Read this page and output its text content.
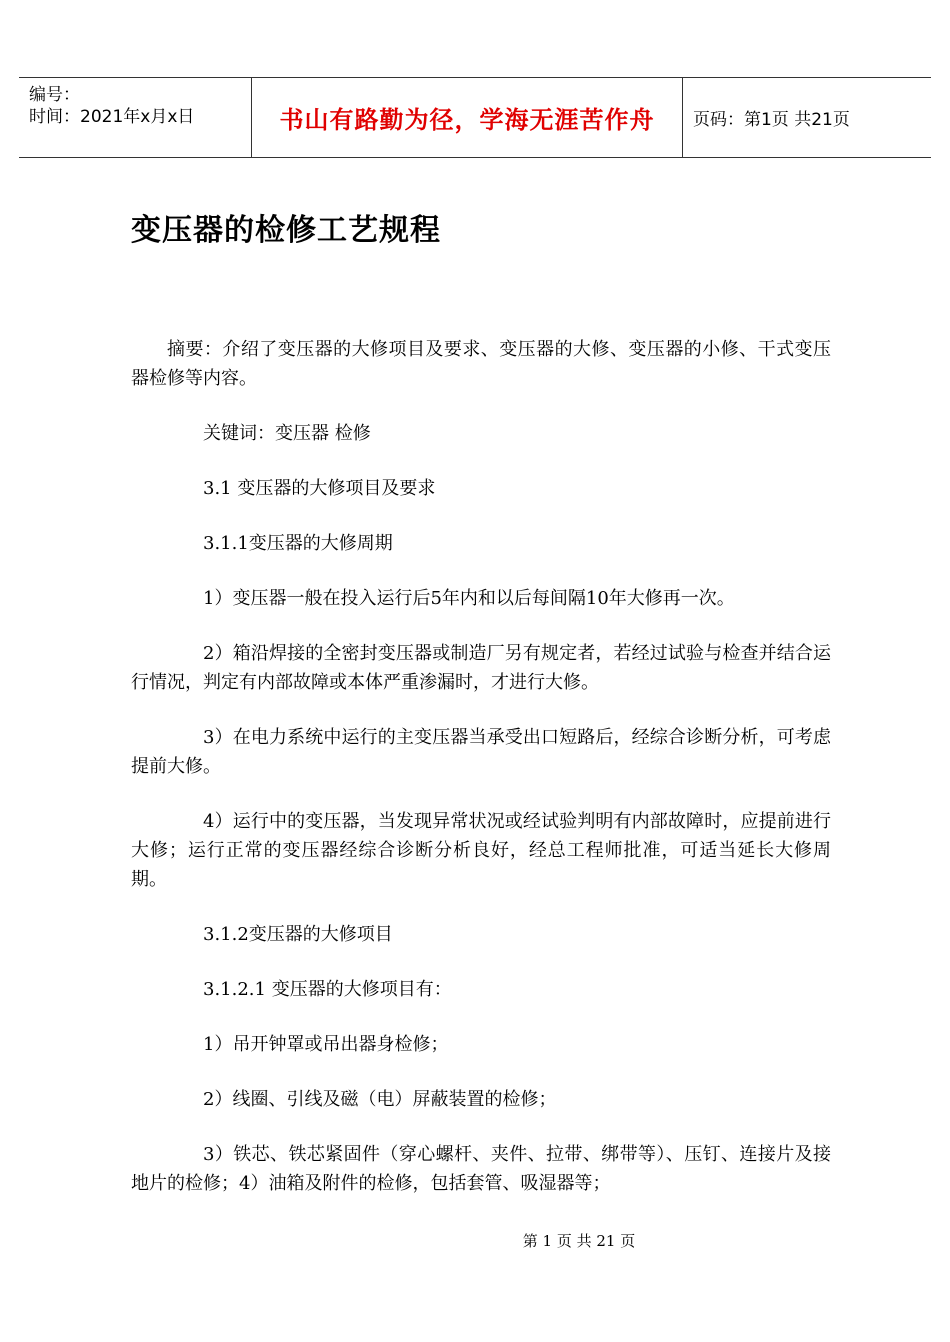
编号：
时间：2021年x月x日	书山有路勤为径，学海无涯苦作舟 页码：第1页 共21页
变压器的检修工艺规程

摘要：介绍了变压器的大修项目及要求、变压器的大修、变压器的小修、干式变压器检修等内容。

关键词：变压器 检修

3.1 变压器的大修项目及要求

3.1.1变压器的大修周期

1）变压器一般在投入运行后5年内和以后每间隔10年大修再一次。

2）箱沿焊接的全密封变压器或制造厂另有规定者，若经过试验与检查并结合运行情况，判定有内部故障或本体严重渗漏时，才进行大修。

3）在电力系统中运行的主变压器当承受出口短路后，经综合诊断分析，可考虑提前大修。

4）运行中的变压器，当发现异常状况或经试验判明有内部故障时，应提前进行大修；运行正常的变压器经综合诊断分析良好，经总工程师批准，可适当延长大修周期。

3.1.2变压器的大修项目

3.1.2.1 变压器的大修项目有：

1）吊开钟罩或吊出器身检修；

2）线圈、引线及磁（电）屏蔽装置的检修；

3）铁芯、铁芯紧固件（穿心螺杆、夹件、拉带、绑带等）、压钉、连接片及接地片的检修；4）油箱及附件的检修，包括套管、吸湿器等；

第 1 页 共 21 页
